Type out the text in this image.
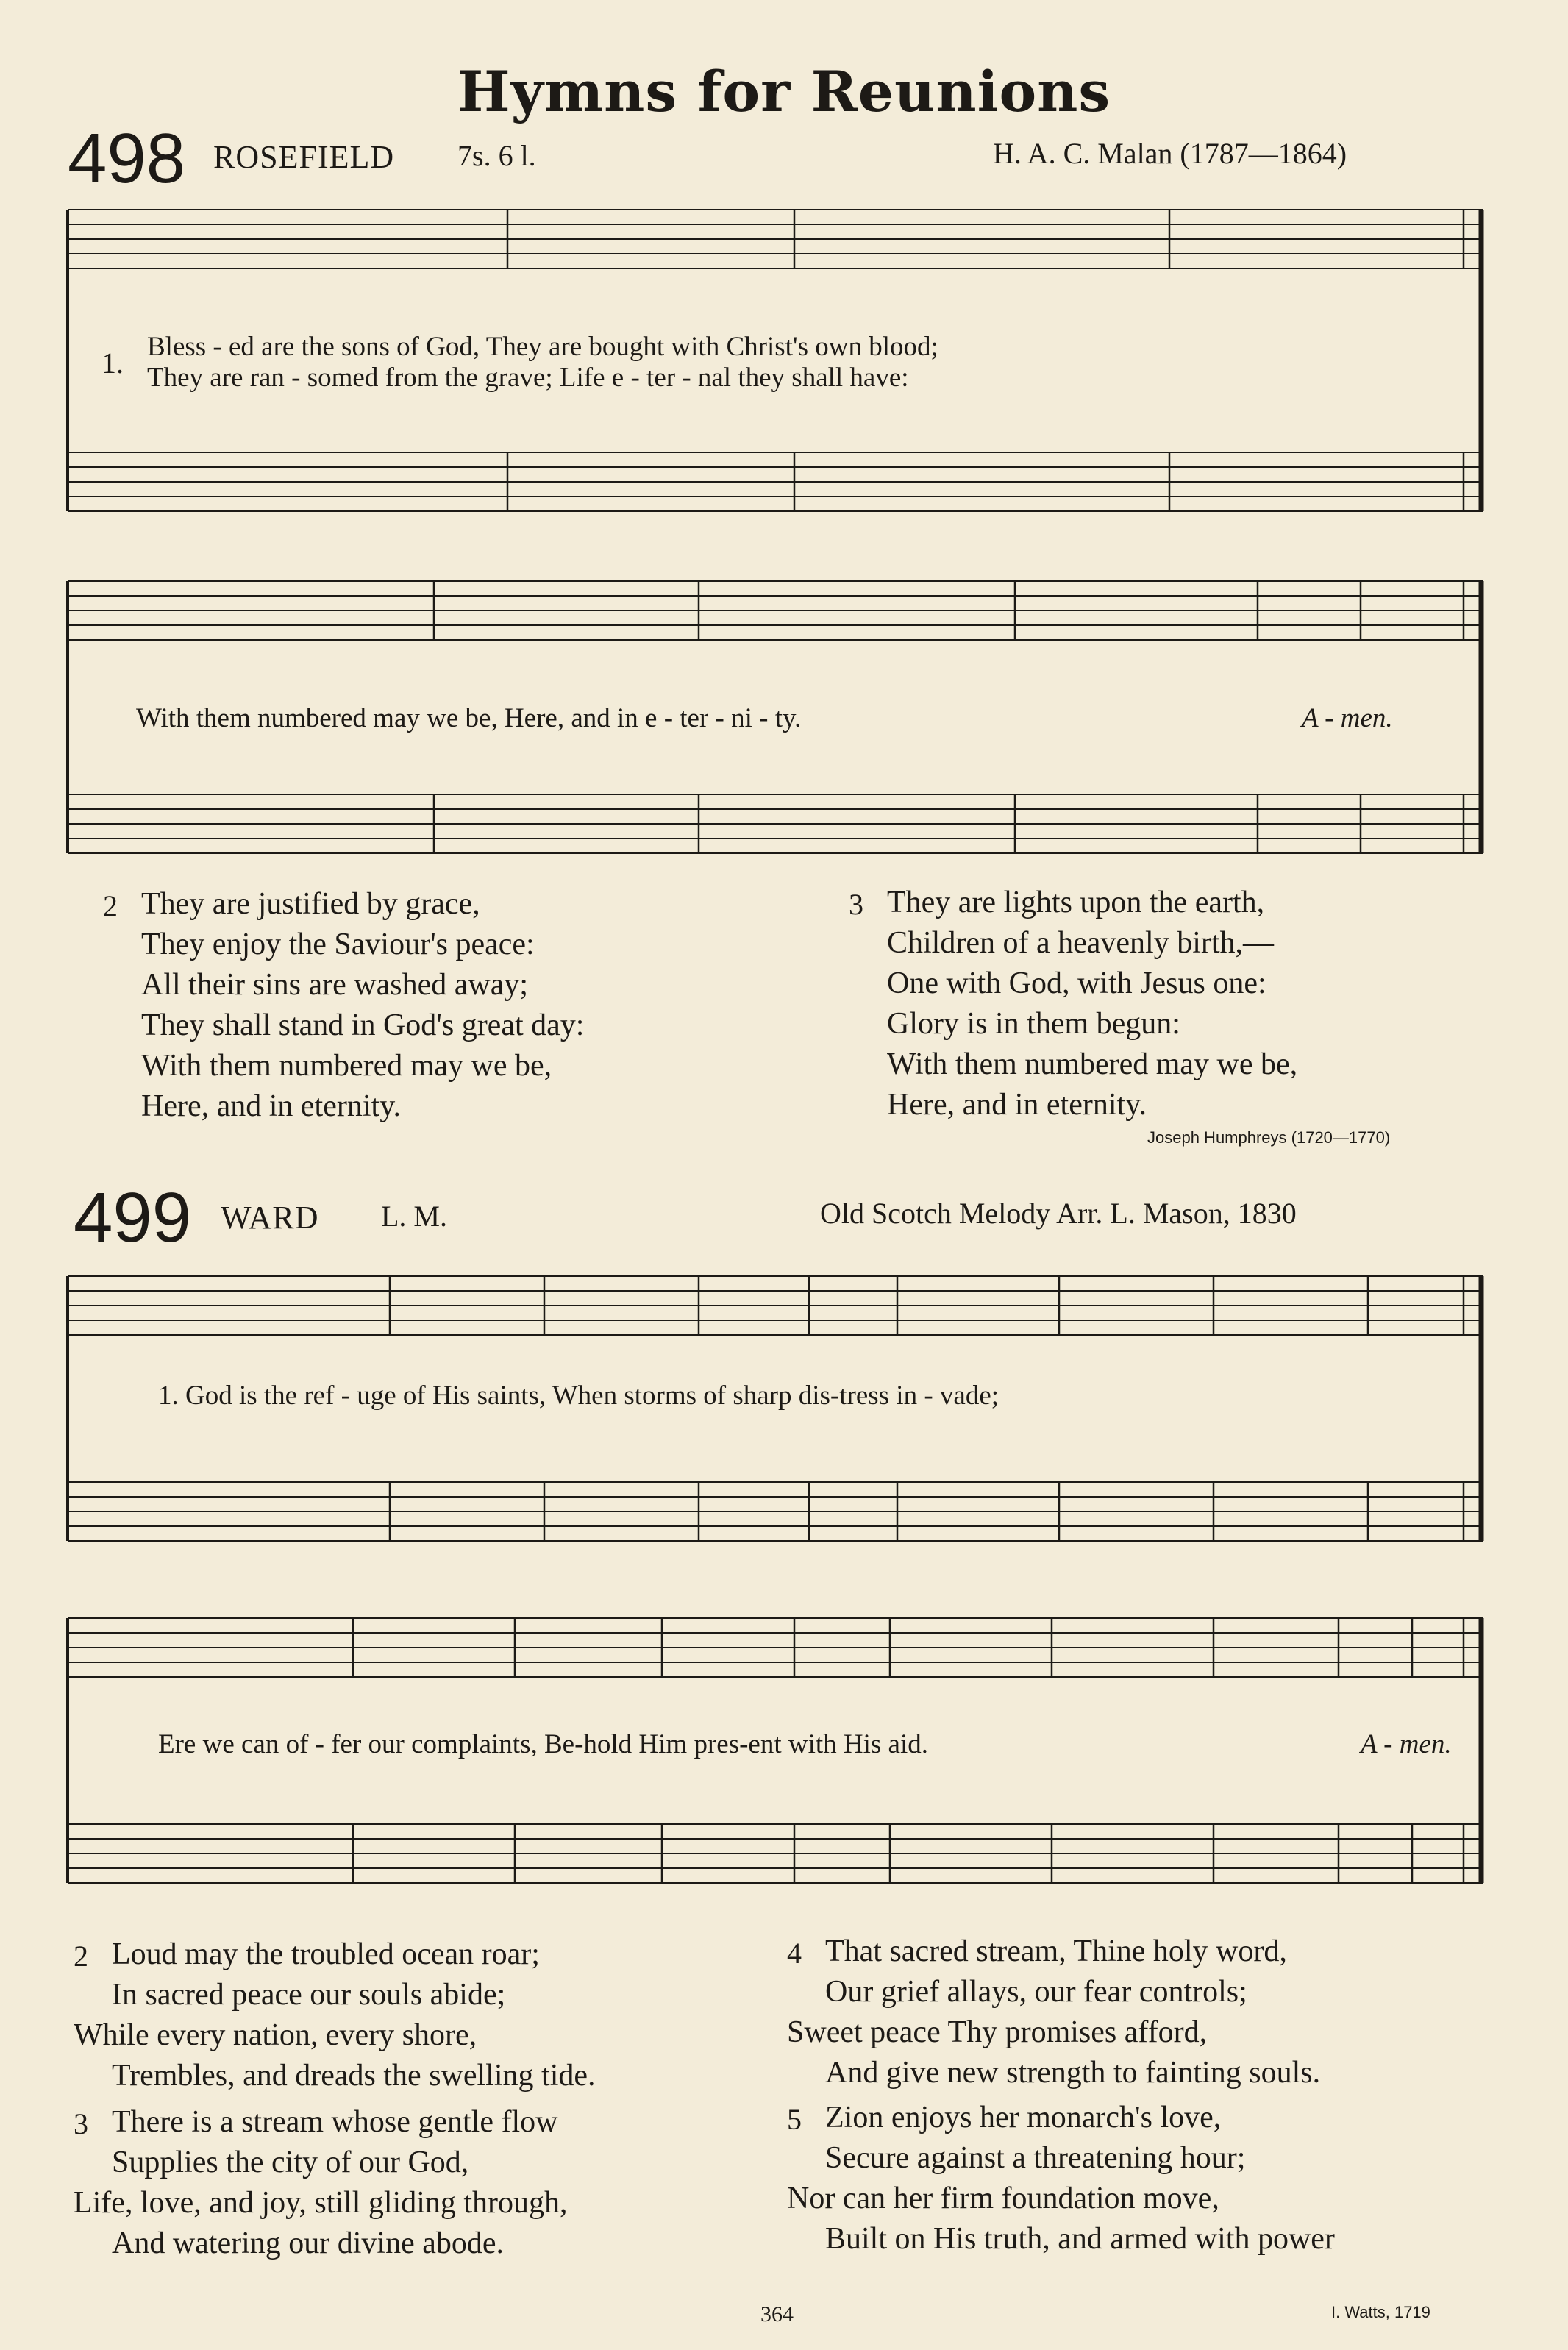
Hymns for Reunions
498 ROSEFIELD 7s. 6 l.	H. A. C. Malan (1787—1864)
1. Bless - ed are the sons of God, They are bought with Christ's own blood;
They are ran - somed from the grave; Life e - ter - nal they shall have:
With them numbered may we be, Here, and in e - ter - ni - ty.	A - men.
2 They are justified by grace,
They enjoy the Saviour's peace:
All their sins are washed away;
They shall stand in God's great day:
With them numbered may we be,
Here, and in eternity.
3 They are lights upon the earth,
Children of a heavenly birth,—
One with God, with Jesus one:
Glory is in them begun:
With them numbered may we be,
Here, and in eternity.
Joseph Humphreys (1720—1770)
499 WARD L. M.	Old Scotch Melody Arr. L. Mason, 1830
1. God is the ref - uge of His saints, When storms of sharp dis-tress in - vade;
Ere we can of - fer our complaints, Be-hold Him pres-ent with His aid.	A - men.
2 Loud may the troubled ocean roar;
In sacred peace our souls abide;
While every nation, every shore,
Trembles, and dreads the swelling tide.
3 There is a stream whose gentle flow
Supplies the city of our God,
Life, love, and joy, still gliding through,
And watering our divine abode.
4 That sacred stream, Thine holy word,
Our grief allays, our fear controls;
Sweet peace Thy promises afford,
And give new strength to fainting souls.
5 Zion enjoys her monarch's love,
Secure against a threatening hour;
Nor can her firm foundation move,
Built on His truth, and armed with power
364	I. Watts, 1719
